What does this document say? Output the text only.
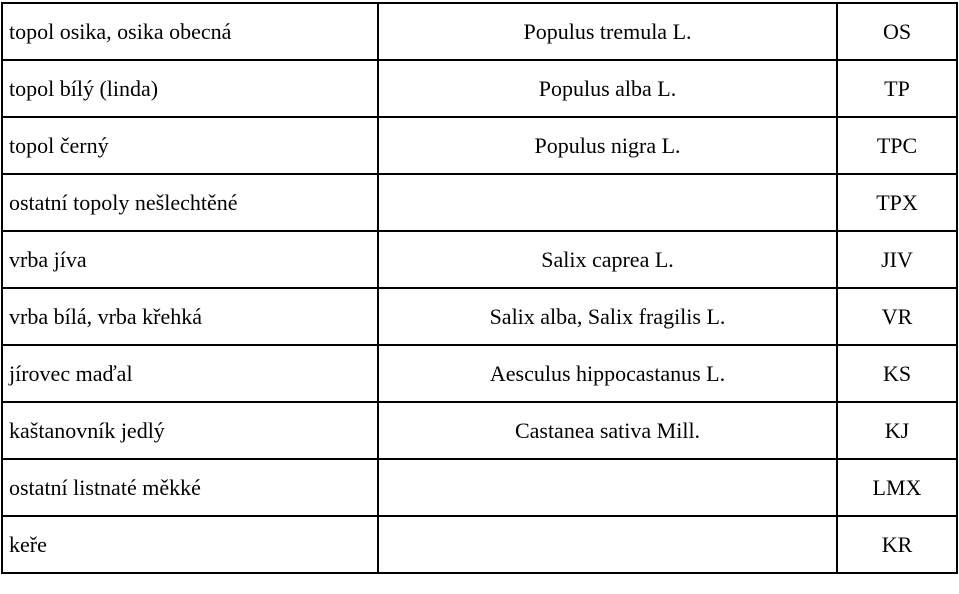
topol osika, osika obecná	Populus tremula L.	OS
topol bílý (linda)	Populus alba L.	TP
topol černý	Populus nigra L.	TPC
ostatní topoly nešlechtěné		TPX
vrba jíva	Salix caprea L.	JIV
vrba bílá, vrba křehká	Salix alba, Salix fragilis L.	VR
jírovec maďal	Aesculus hippocastanus L.	KS
kaštanovník jedlý	Castanea sativa Mill.	KJ
ostatní listnaté měkké		LMX
keře		KR
